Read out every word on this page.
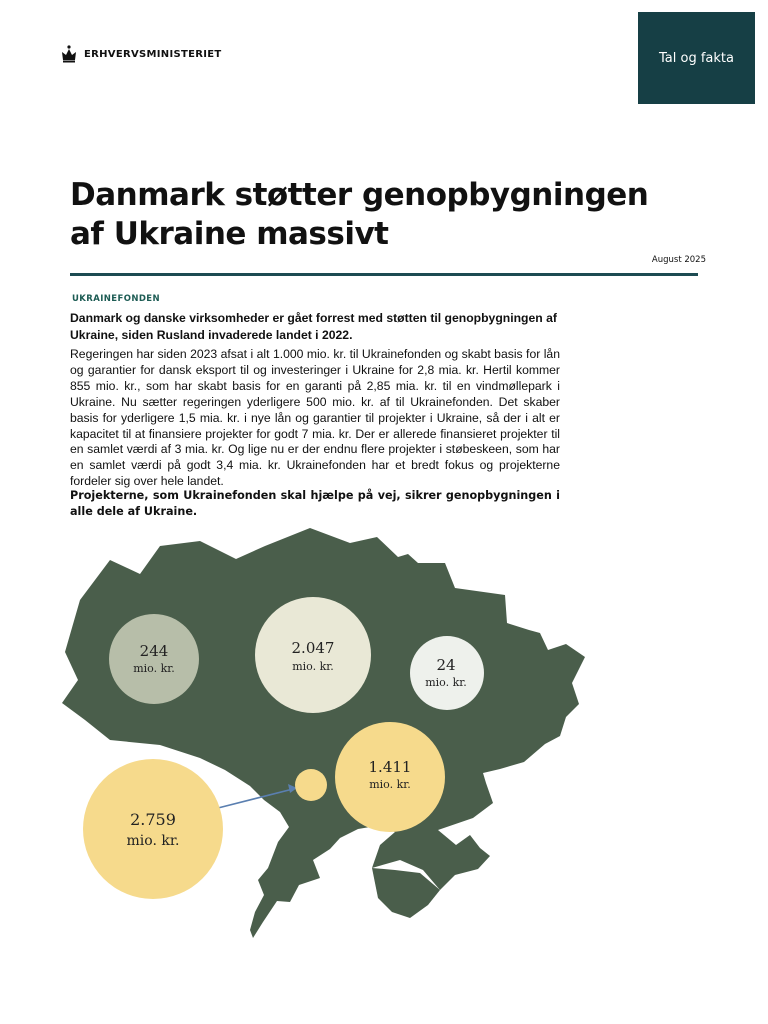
ERHVERVSMINISTERIET	Tal og fakta
Danmark støtter genopbygningen af Ukraine massivt
August 2025
UKRAINEFONDEN

Danmark og danske virksomheder er gået forrest med støtten til genopbygningen af Ukraine, siden Rusland invaderede landet i 2022.

Regeringen har siden 2023 afsat i alt 1.000 mio. kr. til Ukrainefonden og skabt basis for lån og garantier for dansk eksport til og investeringer i Ukraine for 2,8 mia. kr. Hertil kommer 855 mio. kr., som har skabt basis for en garanti på 2,85 mia. kr. til en vindmøllepark i Ukraine. Nu sætter regeringen yderligere 500 mio. kr. af til Ukrainefonden. Det skaber basis for yderligere 1,5 mia. kr. i nye lån og garantier til projekter i Ukraine, så der i alt er kapacitet til at finansiere projekter for godt 7 mia. kr. Der er allerede finansieret projekter til en samlet værdi af 3 mia. kr. Og lige nu er der endnu flere projekter i støbeskeen, som har en samlet værdi på godt 3,4 mia. kr. Ukrainefonden har et bredt fokus og projekterne fordeler sig over hele landet.

Projekterne, som Ukrainefonden skal hjælpe på vej, sikrer genopbygningen i alle dele af Ukraine.

244
mio. kr.
2.047
mio. kr.	24
mio. kr.
1.411
mio. kr.
2.759
mio. kr.
